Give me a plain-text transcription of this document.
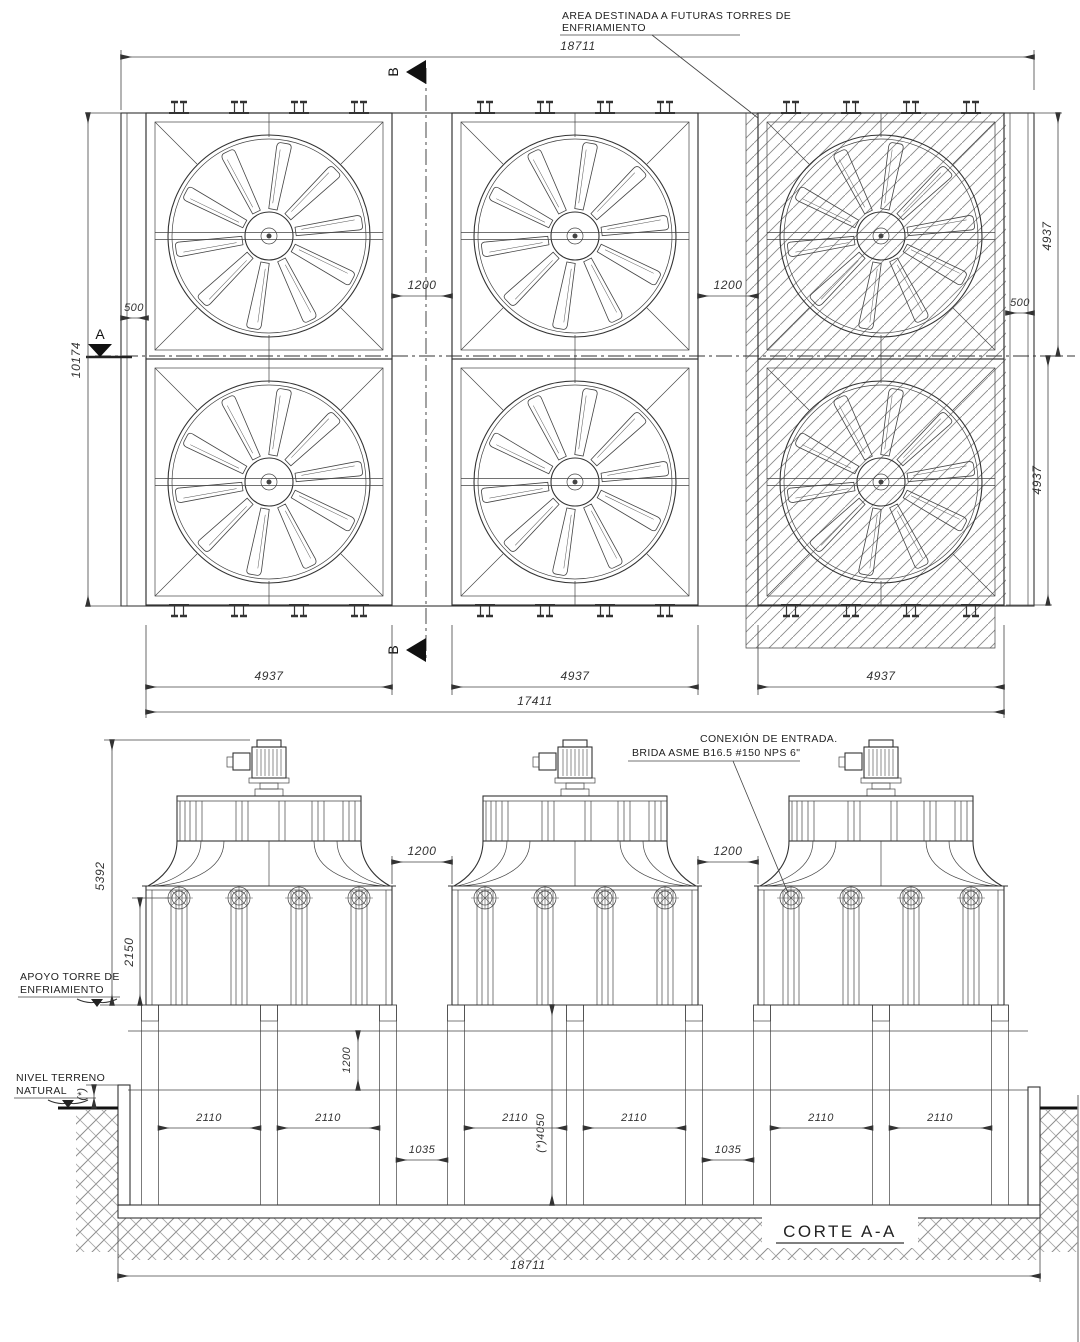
A
B
B
AREA DESTINADA A FUTURAS TORRES DE
ENFRIAMIENTO
18711
10174
500	500
1200	1200
4937
4937
4937	4937	4937
17411
CONEXIÓN DE ENTRADA.
BRIDA ASME B16.5 #150 NPS 6"
5392
2150
APOYO TORRE DE
ENFRIAMIENTO
1200	1200
NIVEL TERRENO
NATURAL (*)
1200
(*)4050
2110	2110	2110	2110	2110	2110
1035	1035
CORTE A-A
18711
